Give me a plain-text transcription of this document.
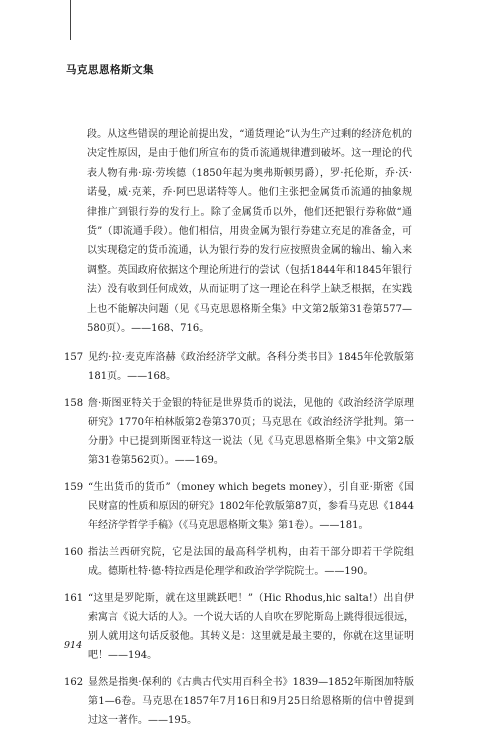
马克思恩格斯文集
段。从这些错误的理论前提出发，“通货理论”认为生产过剩的经济危机的决定性原因，是由于他们所宣布的货币流通规律遭到破坏。这一理论的代表人物有弗·琼·劳埃德（1850年起为奥弗斯顿男爵），罗·托伦斯，乔·沃·诺曼，威·克莱，乔·阿巴思诺特等人。他们主张把金属货币流通的抽象规律推广到银行券的发行上。除了金属货币以外，他们还把银行券称做“通货”（即流通手段）。他们相信，用贵金属为银行券建立充足的准备金，可以实现稳定的货币流通，认为银行券的发行应按照贵金属的输出、输入来调整。英国政府依据这个理论所进行的尝试（包括1844年和1845年银行法）没有收到任何成效，从而证明了这一理论在科学上缺乏根据，在实践上也不能解决问题（见《马克思恩格斯全集》中文第2版第31卷第577—580页）。——168、716。
157 见约·拉·麦克库洛赫《政治经济学文献。各科分类书目》1845年伦敦版第181页。——168。
158 詹·斯图亚特关于金银的特征是世界货币的说法，见他的《政治经济学原理研究》1770年柏林版第2卷第370页；马克思在《政治经济学批判。第一分册》中已提到斯图亚特这一说法（见《马克思恩格斯全集》中文第2版第31卷第562页）。——169。
159 “生出货币的货币”（money which begets money），引自亚·斯密《国民财富的性质和原因的研究》1802年伦敦版第87页，参看马克思《1844年经济学哲学手稿》（《马克思恩格斯文集》第1卷）。——181。
160 指法兰西研究院，它是法国的最高科学机构，由若干部分即若干学院组成。德斯杜特·德·特拉西是伦理学和政治学学院院士。——190。
161 “这里是罗陀斯，就在这里跳跃吧！”（Hic Rhodus,hic salta!）出自伊索寓言《说大话的人》。一个说大话的人自吹在罗陀斯岛上跳得很远很远，别人就用这句话反驳他。其转义是：这里就是最主要的，你就在这里证明吧！——194。
162 显然是指奥·保利的《古典古代实用百科全书》1839—1852年斯图加特版第1—6卷。马克思在1857年7月16日和9月25日给恩格斯的信中曾提到过这一著作。——195。
914
